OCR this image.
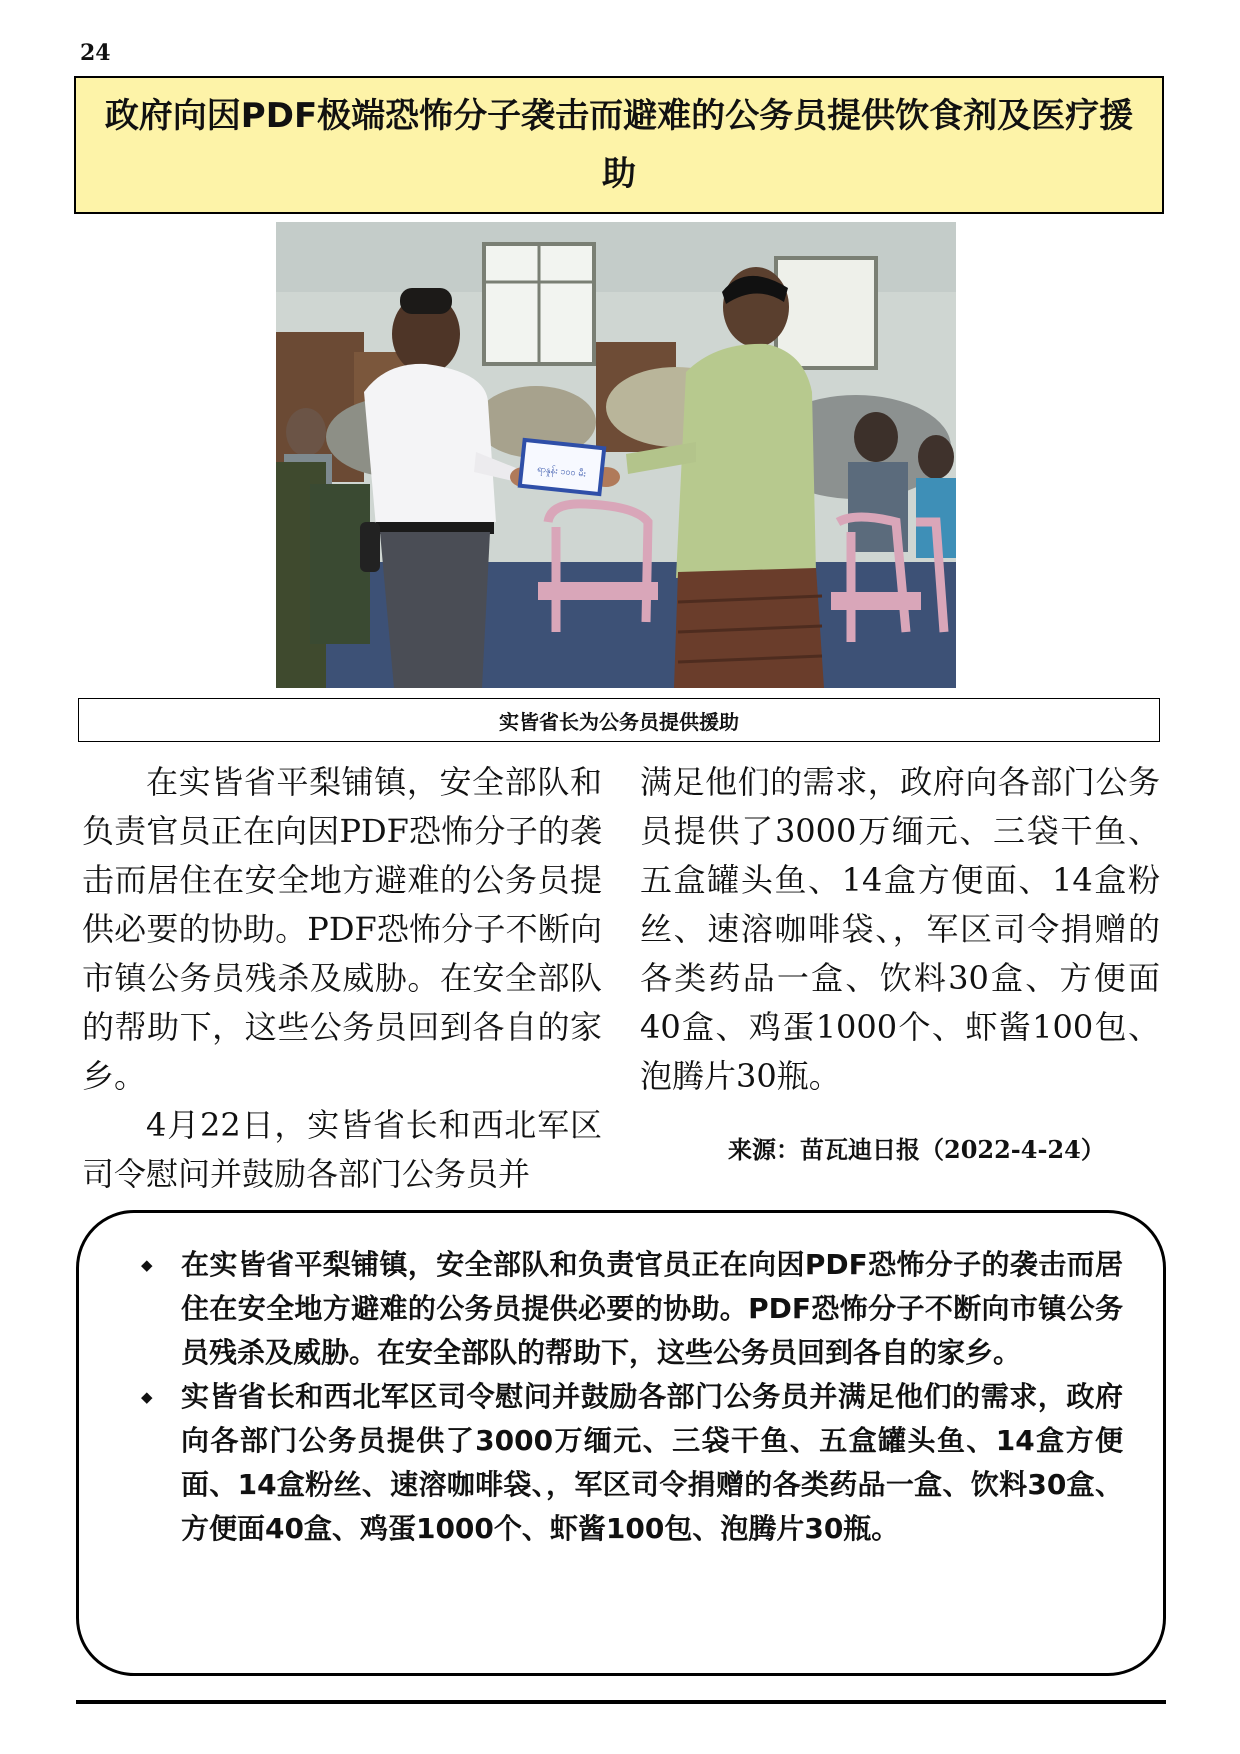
24
政府向因PDF极端恐怖分子袭击而避难的公务员提供饮食剂及医疗援助
ရာနှုန်း ၁၀၀ မီး
实皆省长为公务员提供援助

在实皆省平梨铺镇，安全部队和负责官员正在向因PDF恐怖分子的袭击而居住在安全地方避难的公务员提供必要的协助。PDF恐怖分子不断向市镇公务员残杀及威胁。在安全部队的帮助下，这些公务员回到各自的家乡。

4月22日，实皆省长和西北军区司令慰问并鼓励各部门公务员并

满足他们的需求，政府向各部门公务员提供了3000万缅元、三袋干鱼、五盒罐头鱼、14盒方便面、14盒粉丝、速溶咖啡袋、，军区司令捐赠的各类药品一盒、饮料30盒、方便面40盒、鸡蛋1000个、虾酱100包、泡腾片30瓶。

来源：苗瓦迪日报（2022-4-24）
◆ 在实皆省平梨铺镇，安全部队和负责官员正在向因PDF恐怖分子的袭击而居住在安全地方避难的公务员提供必要的协助。PDF恐怖分子不断向市镇公务员残杀及威胁。在安全部队的帮助下，这些公务员回到各自的家乡。
◆ 实皆省长和西北军区司令慰问并鼓励各部门公务员并满足他们的需求，政府向各部门公务员提供了3000万缅元、三袋干鱼、五盒罐头鱼、14盒方便面、14盒粉丝、速溶咖啡袋、，军区司令捐赠的各类药品一盒、饮料30盒、方便面40盒、鸡蛋1000个、虾酱100包、泡腾片30瓶。
